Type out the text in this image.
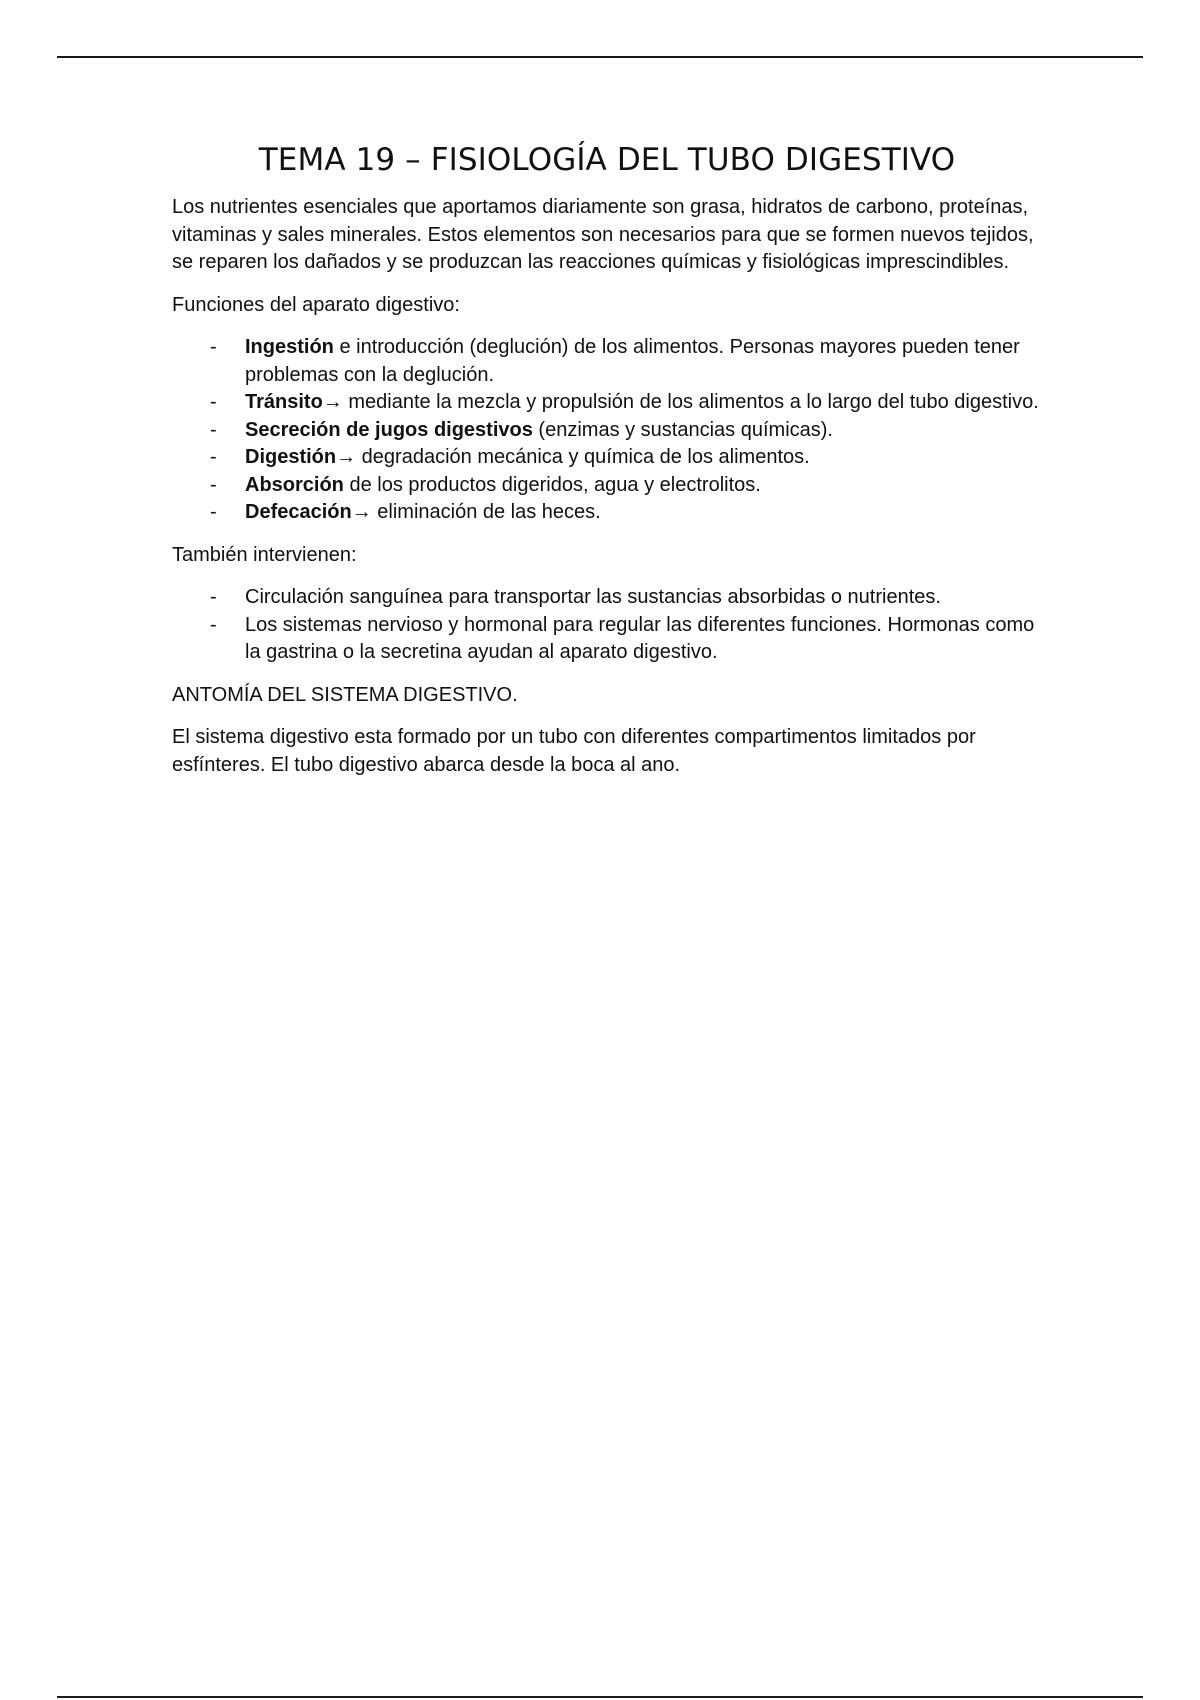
TEMA 19 – FISIOLOGÍA DEL TUBO DIGESTIVO

Los nutrientes esenciales que aportamos diariamente son grasa, hidratos de carbono, proteínas, vitaminas y sales minerales. Estos elementos son necesarios para que se formen nuevos tejidos, se reparen los dañados y se produzcan las reacciones químicas y fisiológicas imprescindibles.

Funciones del aparato digestivo:

- Ingestión e introducción (deglución) de los alimentos. Personas mayores pueden tener problemas con la deglución.
- Tránsito→ mediante la mezcla y propulsión de los alimentos a lo largo del tubo digestivo.
- Secreción de jugos digestivos (enzimas y sustancias químicas).
- Digestión→ degradación mecánica y química de los alimentos.
- Absorción de los productos digeridos, agua y electrolitos.
- Defecación→ eliminación de las heces.

También intervienen:

- Circulación sanguínea para transportar las sustancias absorbidas o nutrientes.
- Los sistemas nervioso y hormonal para regular las diferentes funciones. Hormonas como la gastrina o la secretina ayudan al aparato digestivo.

ANTOMÍA DEL SISTEMA DIGESTIVO.

El sistema digestivo esta formado por un tubo con diferentes compartimentos limitados por esfínteres. El tubo digestivo abarca desde la boca al ano.
